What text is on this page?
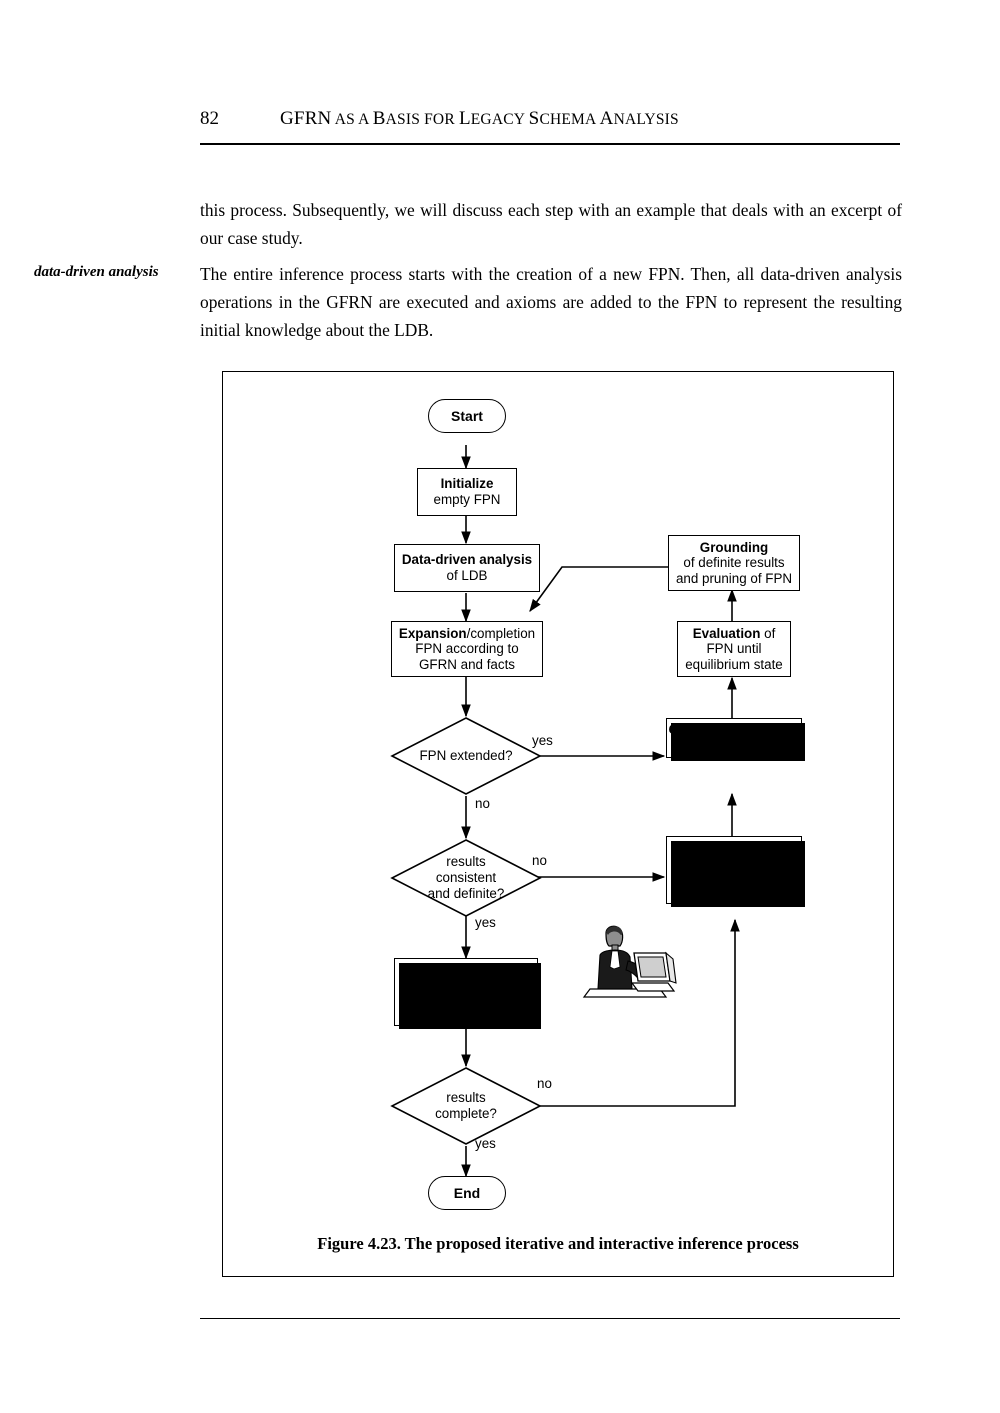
82	GFRN AS A BASIS FOR LEGACY SCHEMA ANALYSIS
data-driven analysis
this process. Subsequently, we will discuss each step with an example that deals with an excerpt of our case study.
The entire inference process starts with the creation of a new FPN. Then, all data-driven analysis operations in the GFRN are executed and axioms are added to the FPN to represent the resulting initial knowledge about the LDB.
Start
Initialize
empty FPN
Data-driven analysis
of LDB
Expansion/completion
FPN according to
GFRN and facts
Grounding
of definite results
and pruning of FPN
Evaluation of
FPN until
equilibrium state
Goal-driven analysis
of LDB
User dialog
input of new
hypotheses
and definite facts
User dialog
presentation
of resulting
physical schema
FPN extended?
results
consistent
and definite?
results
complete?
End
yes
no
no
yes
no
yes
Figure 4.23. The proposed iterative and interactive inference process
